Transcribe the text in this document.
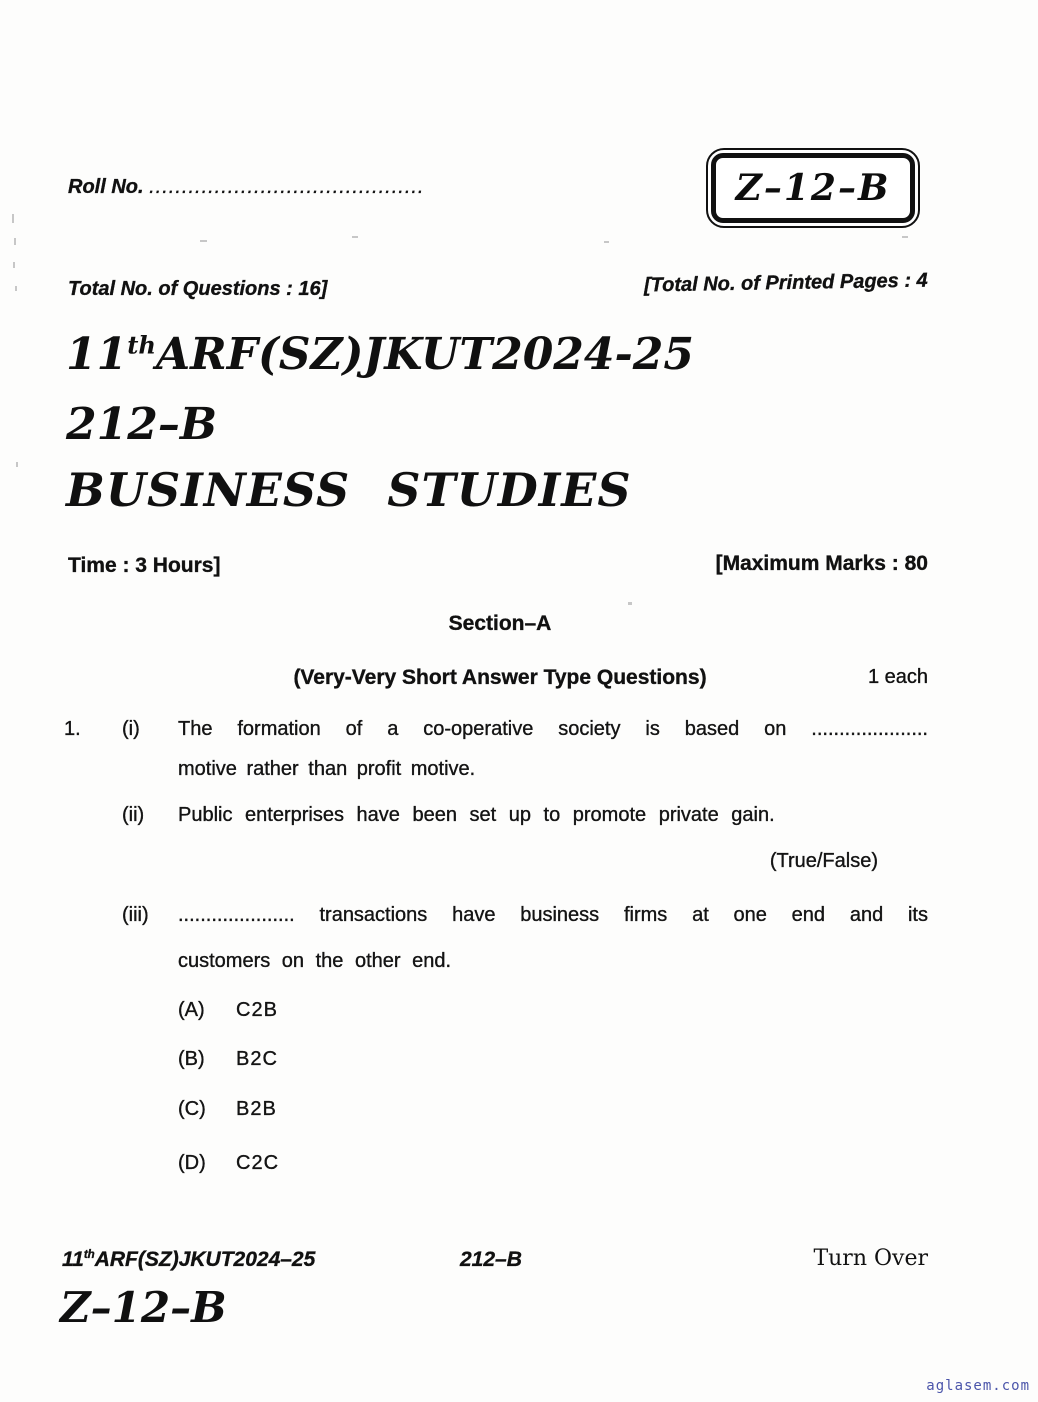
Roll No. ..........................................	Z–12–B
Total No. of Questions : 16]	[Total No. of Printed Pages : 4
11thARF(SZ)JKUT2024-25
212–B
BUSINESS STUDIES
Time : 3 Hours]	[Maximum Marks : 80
Section–A
(Very-Very Short Answer Type Questions)	1 each
1. (i) The formation of a co-operative society is based on .....................
motive rather than profit motive.
(ii) Public enterprises have been set up to promote private gain.
(True/False)
(iii) ..................... transactions have business firms at one end and its
customers on the other end.
(A) C2B
(B) B2C
(C) B2B
(D) C2C
11thARF(SZ)JKUT2024–25	212–B	Turn Over
Z–12–B
aglasem.com
